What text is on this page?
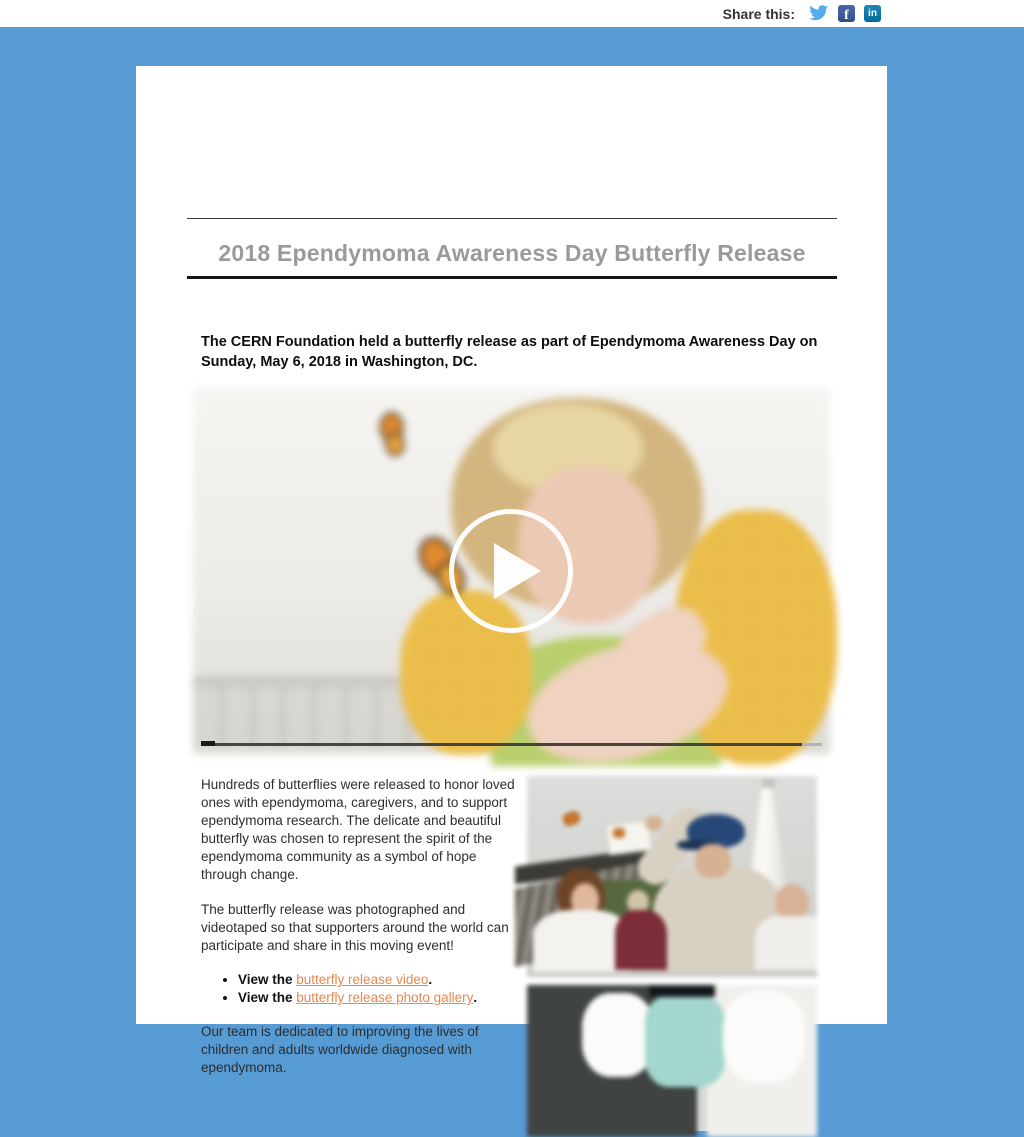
Share this:	f in
2018 Ependymoma Awareness Day Butterfly Release

The CERN Foundation held a butterfly release as part of Ependymoma Awareness Day on Sunday, May 6, 2018 in Washington, DC.

Hundreds of butterflies were released to honor loved ones with ependymoma, caregivers, and to support ependymoma research. The delicate and beautiful butterfly was chosen to represent the spirit of the ependymoma community as a symbol of hope through change.

The butterfly release was photographed and videotaped so that supporters around the world can participate and share in this moving event!

• View the butterfly release video.
• View the butterfly release photo gallery.

Our team is dedicated to improving the lives of children and adults worldwide diagnosed with ependymoma.
